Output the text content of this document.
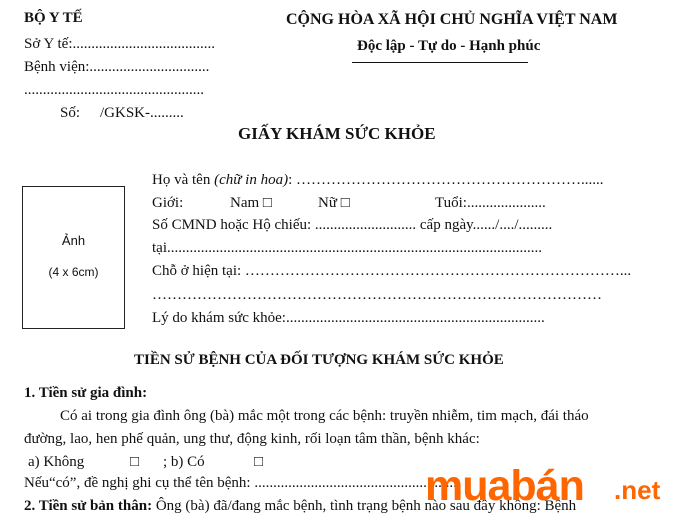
BỘ Y TẾ
Sở Y tế:......................................
Bệnh viện:................................
................................................
Số: /GKSK-.........
CỘNG HÒA XÃ HỘI CHỦ NGHĨA VIỆT NAM
Độc lập - Tự do - Hạnh phúc
GIẤY KHÁM SỨC KHỎE
Ảnh
(4 x 6cm)
Họ và tên (chữ in hoa): …………………………………………………......
Giới:	Nam □	Nữ □	Tuổi:.....................
Số CMND hoặc Hộ chiếu: ........................... cấp ngày....../..../.........
tại....................................................................................................
Chỗ ở hiện tại: …………………………………………………………………...
………………………………………………………………………………
Lý do khám sức khỏe:.....................................................................
TIỀN SỬ BỆNH CỦA ĐỐI TƯỢNG KHÁM SỨC KHỎE
1. Tiền sử gia đình:
Có ai trong gia đình ông (bà) mắc một trong các bệnh: truyền nhiễm, tim mạch, đái tháo
đường, lao, hen phế quản, ung thư, động kinh, rối loạn tâm thần, bệnh khác:
a) Không	□ ; b) Có	□
Nếu“có”, đề nghị ghi cụ thể tên bệnh: .......................................................
2. Tiền sử bản thân: Ông (bà) đã/đang mắc bệnh, tình trạng bệnh nào sau đây không: Bệnh
muabán .net
